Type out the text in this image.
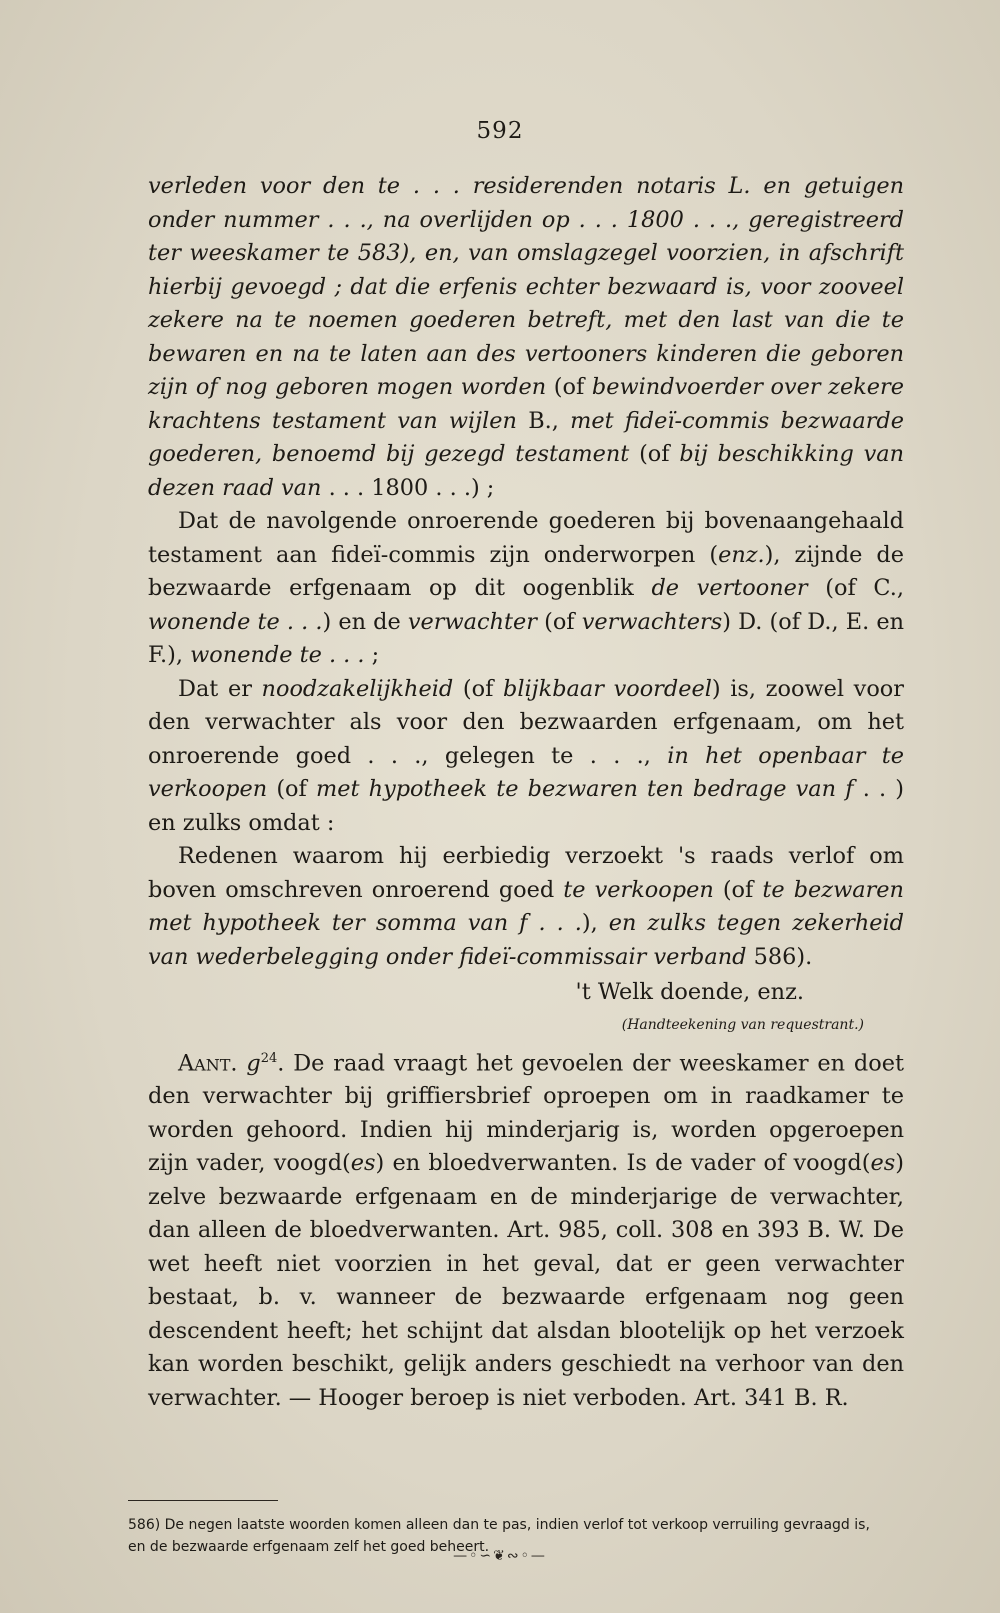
592

verleden voor den te . . . residerenden notaris L. en getuigen onder nummer . . ., na overlijden op . . . 1800 . . ., geregistreerd ter weeskamer te 583), en, van omslagzegel voorzien, in afschrift hierbij gevoegd ; dat die erfenis echter bezwaard is, voor zooveel zekere na te noemen goederen betreft, met den last van die te bewaren en na te laten aan des vertooners kinderen die geboren zijn of nog geboren mogen worden (of bewindvoerder over zekere krachtens testament van wijlen B., met fideï-commis bezwaarde goederen, benoemd bij gezegd testament (of bij beschikking van dezen raad van . . . 1800 . . .) ;

Dat de navolgende onroerende goederen bij bovenaangehaald testament aan fideï-commis zijn onderworpen (enz.), zijnde de bezwaarde erfgenaam op dit oogenblik de vertooner (of C., wonende te . . .) en de verwachter (of verwachters) D. (of D., E. en F.), wonende te . . . ;

Dat er noodzakelijkheid (of blijkbaar voordeel) is, zoowel voor den verwachter als voor den bezwaarden erfgenaam, om het onroerende goed . . ., gelegen te . . ., in het openbaar te verkoopen (of met hypotheek te bezwaren ten bedrage van f . . ) en zulks omdat :

Redenen waarom hij eerbiedig verzoekt 's raads verlof om boven omschreven onroerend goed te verkoopen (of te bezwaren met hypotheek ter somma van f . . .), en zulks tegen zekerheid van wederbelegging onder fideï-commissair verband 586).

't Welk doende, enz.

(Handteekening van requestrant.)

Aant. $g^{24}$. De raad vraagt het gevoelen der weeskamer en doet den verwachter bij griffiersbrief oproepen om in raadkamer te worden gehoord. Indien hij minderjarig is, worden opgeroepen zijn vader, voogd(es) en bloedverwanten. Is de vader of voogd(es) zelve bezwaarde erfgenaam en de minderjarige de verwachter, dan alleen de bloedverwanten. Art. 985, coll. 308 en 393 B. W. De wet heeft niet voorzien in het geval, dat er geen verwachter bestaat, b. v. wanneer de bezwaarde erfgenaam nog geen descendent heeft; het schijnt dat alsdan blootelijk op het verzoek kan worden beschikt, gelijk anders geschiedt na verhoor van den verwachter. — Hooger beroep is niet verboden. Art. 341 B. R.

586) De negen laatste woorden komen alleen dan te pas, indien verlof tot verkoop verruiling gevraagd is, en de bezwaarde erfgenaam zelf het goed beheert.
—◦∽❦∾◦—
